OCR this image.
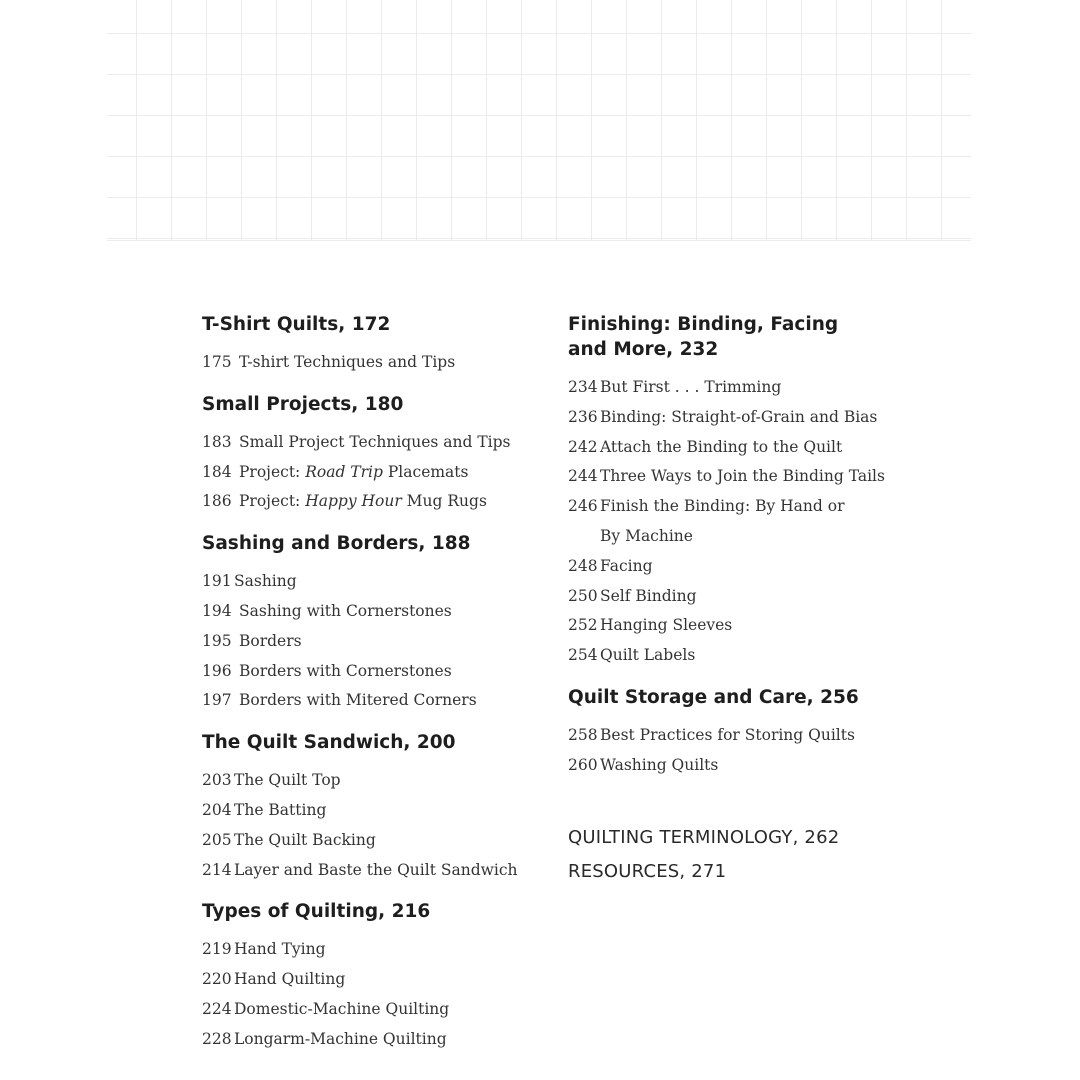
T-Shirt Quilts, 172
175 T-shirt Techniques and Tips
Small Projects, 180
183 Small Project Techniques and Tips
184 Project: Road Trip Placemats
186 Project: Happy Hour Mug Rugs
Sashing and Borders, 188
191 Sashing
194 Sashing with Cornerstones
195 Borders
196 Borders with Cornerstones
197 Borders with Mitered Corners
The Quilt Sandwich, 200
203 The Quilt Top
204 The Batting
205 The Quilt Backing
214 Layer and Baste the Quilt Sandwich
Types of Quilting, 216
219 Hand Tying
220 Hand Quilting
224 Domestic-Machine Quilting
228 Longarm-Machine Quilting
Finishing: Binding, Facing
and More, 232
234 But First . . . Trimming
236 Binding: Straight-of-Grain and Bias
242 Attach the Binding to the Quilt
244 Three Ways to Join the Binding Tails
246 Finish the Binding: By Hand or
By Machine
248 Facing
250 Self Binding
252 Hanging Sleeves
254 Quilt Labels
Quilt Storage and Care, 256
258 Best Practices for Storing Quilts
260 Washing Quilts
QUILTING TERMINOLOGY, 262
RESOURCES, 271
